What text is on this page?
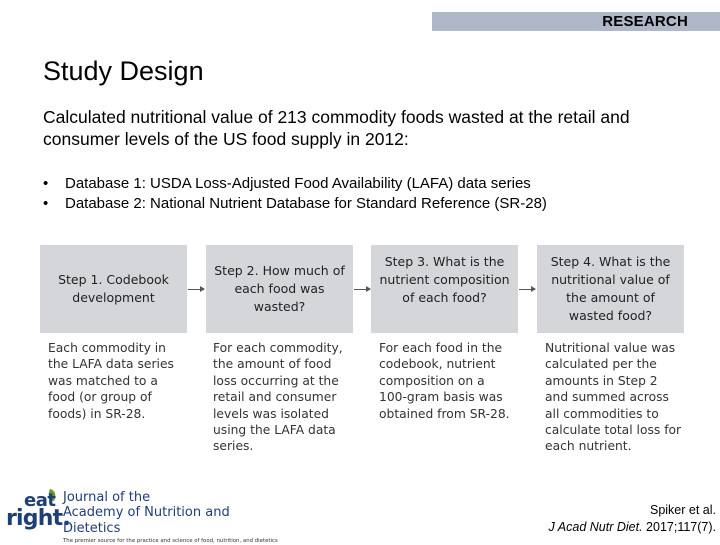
RESEARCH
Study Design

Calculated nutritional value of 213 commodity foods wasted at the retail and consumer levels of the US food supply in 2012:

• Database 1: USDA Loss-Adjusted Food Availability (LAFA) data series
• Database 2: National Nutrient Database for Standard Reference (SR-28)
Step 1. Codebook development
Step 2. How much of each food was wasted?
Step 3. What is the nutrient composition of each food?
Step 4. What is the nutritional value of the amount of wasted food?
Each commodity in
the LAFA data series
was matched to a
food (or group of
foods) in SR-28.
For each commodity,
the amount of food
loss occurring at the
retail and consumer
levels was isolated
using the LAFA data
series.
For each food in the
codebook, nutrient
composition on a
100-gram basis was
obtained from SR-28.
Nutritional value was
calculated per the
amounts in Step 2
and summed across
all commodities to
calculate total loss for
each nutrient.
eat
right.
Journal of the
Academy of Nutrition and Dietetics
The premier source for the practice and science of food, nutrition, and dietetics
Spiker et al.
J Acad Nutr Diet. 2017;117(7).
